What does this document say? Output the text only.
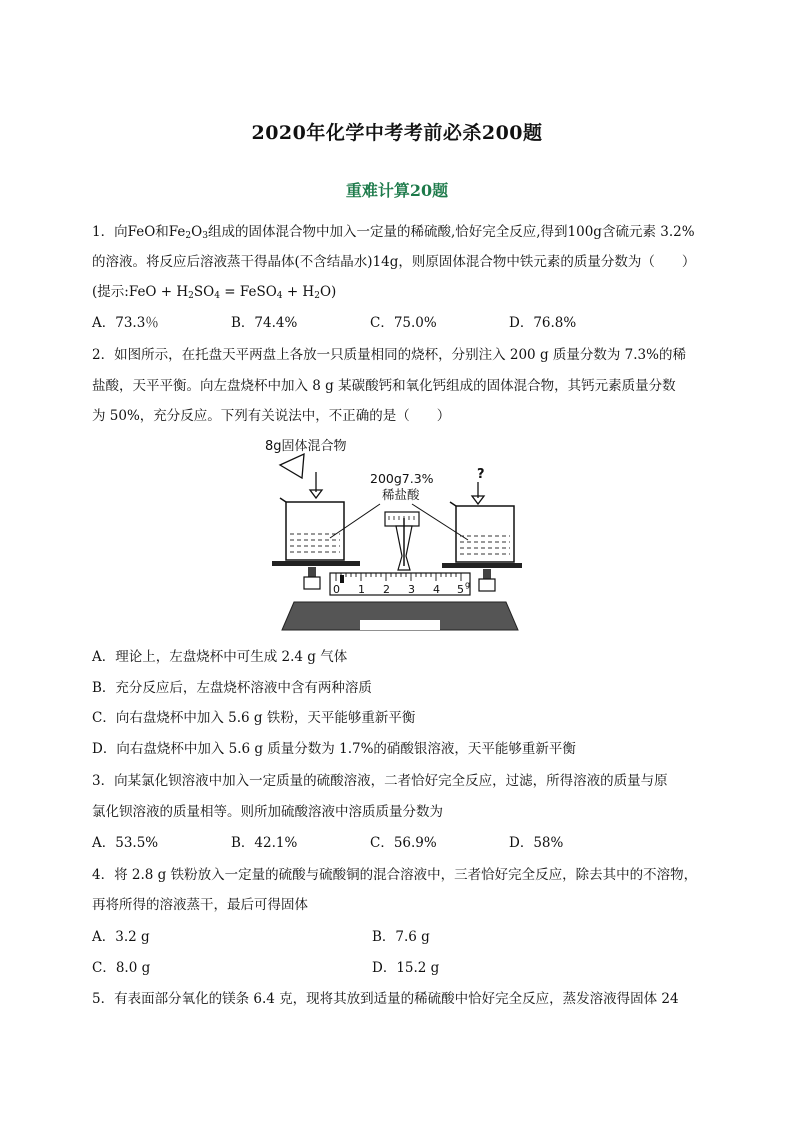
2020年化学中考考前必杀200题
重难计算20题
1．向FeO和$Fe_2O_3$组成的固体混合物中加入一定量的稀硫酸,恰好完全反应,得到100g含硫元素 3.2%
的溶液。将反应后溶液蒸干得晶体(不含结晶水)14g，则原固体混合物中铁元素的质量分数为（　　）
(提示:FeO + $H_2SO_4$ = FeSO$_4$ + $H_2O$)
A．73.3％	B．74.4%	C．75.0%	D．76.8%
2．如图所示，在托盘天平两盘上各放一只质量相同的烧杯，分别注入 200 g 质量分数为 7.3%的稀
盐酸，天平平衡。向左盘烧杯中加入 8 g 某碳酸钙和氧化钙组成的固体混合物，其钙元素质量分数
为 50%，充分反应。下列有关说法中，不正确的是（　　）
8g固体混合物
200g7.3%
稀盐酸
?
0 1 2 3 4 5 g
A．理论上，左盘烧杯中可生成 2.4 g 气体
B．充分反应后，左盘烧杯溶液中含有两种溶质
C．向右盘烧杯中加入 5.6 g 铁粉，天平能够重新平衡
D．向右盘烧杯中加入 5.6 g 质量分数为 1.7%的硝酸银溶液，天平能够重新平衡
3．向某氯化钡溶液中加入一定质量的硫酸溶液，二者恰好完全反应，过滤，所得溶液的质量与原
氯化钡溶液的质量相等。则所加硫酸溶液中溶质质量分数为
A．53.5%	B．42.1%	C．56.9%	D．58%
4．将 2.8 g 铁粉放入一定量的硫酸与硫酸铜的混合溶液中，三者恰好完全反应，除去其中的不溶物，
再将所得的溶液蒸干，最后可得固体
A．3.2 g	B．7.6 g
C．8.0 g	D．15.2 g
5．有表面部分氧化的镁条 6.4 克，现将其放到适量的稀硫酸中恰好完全反应，蒸发溶液得固体 24
